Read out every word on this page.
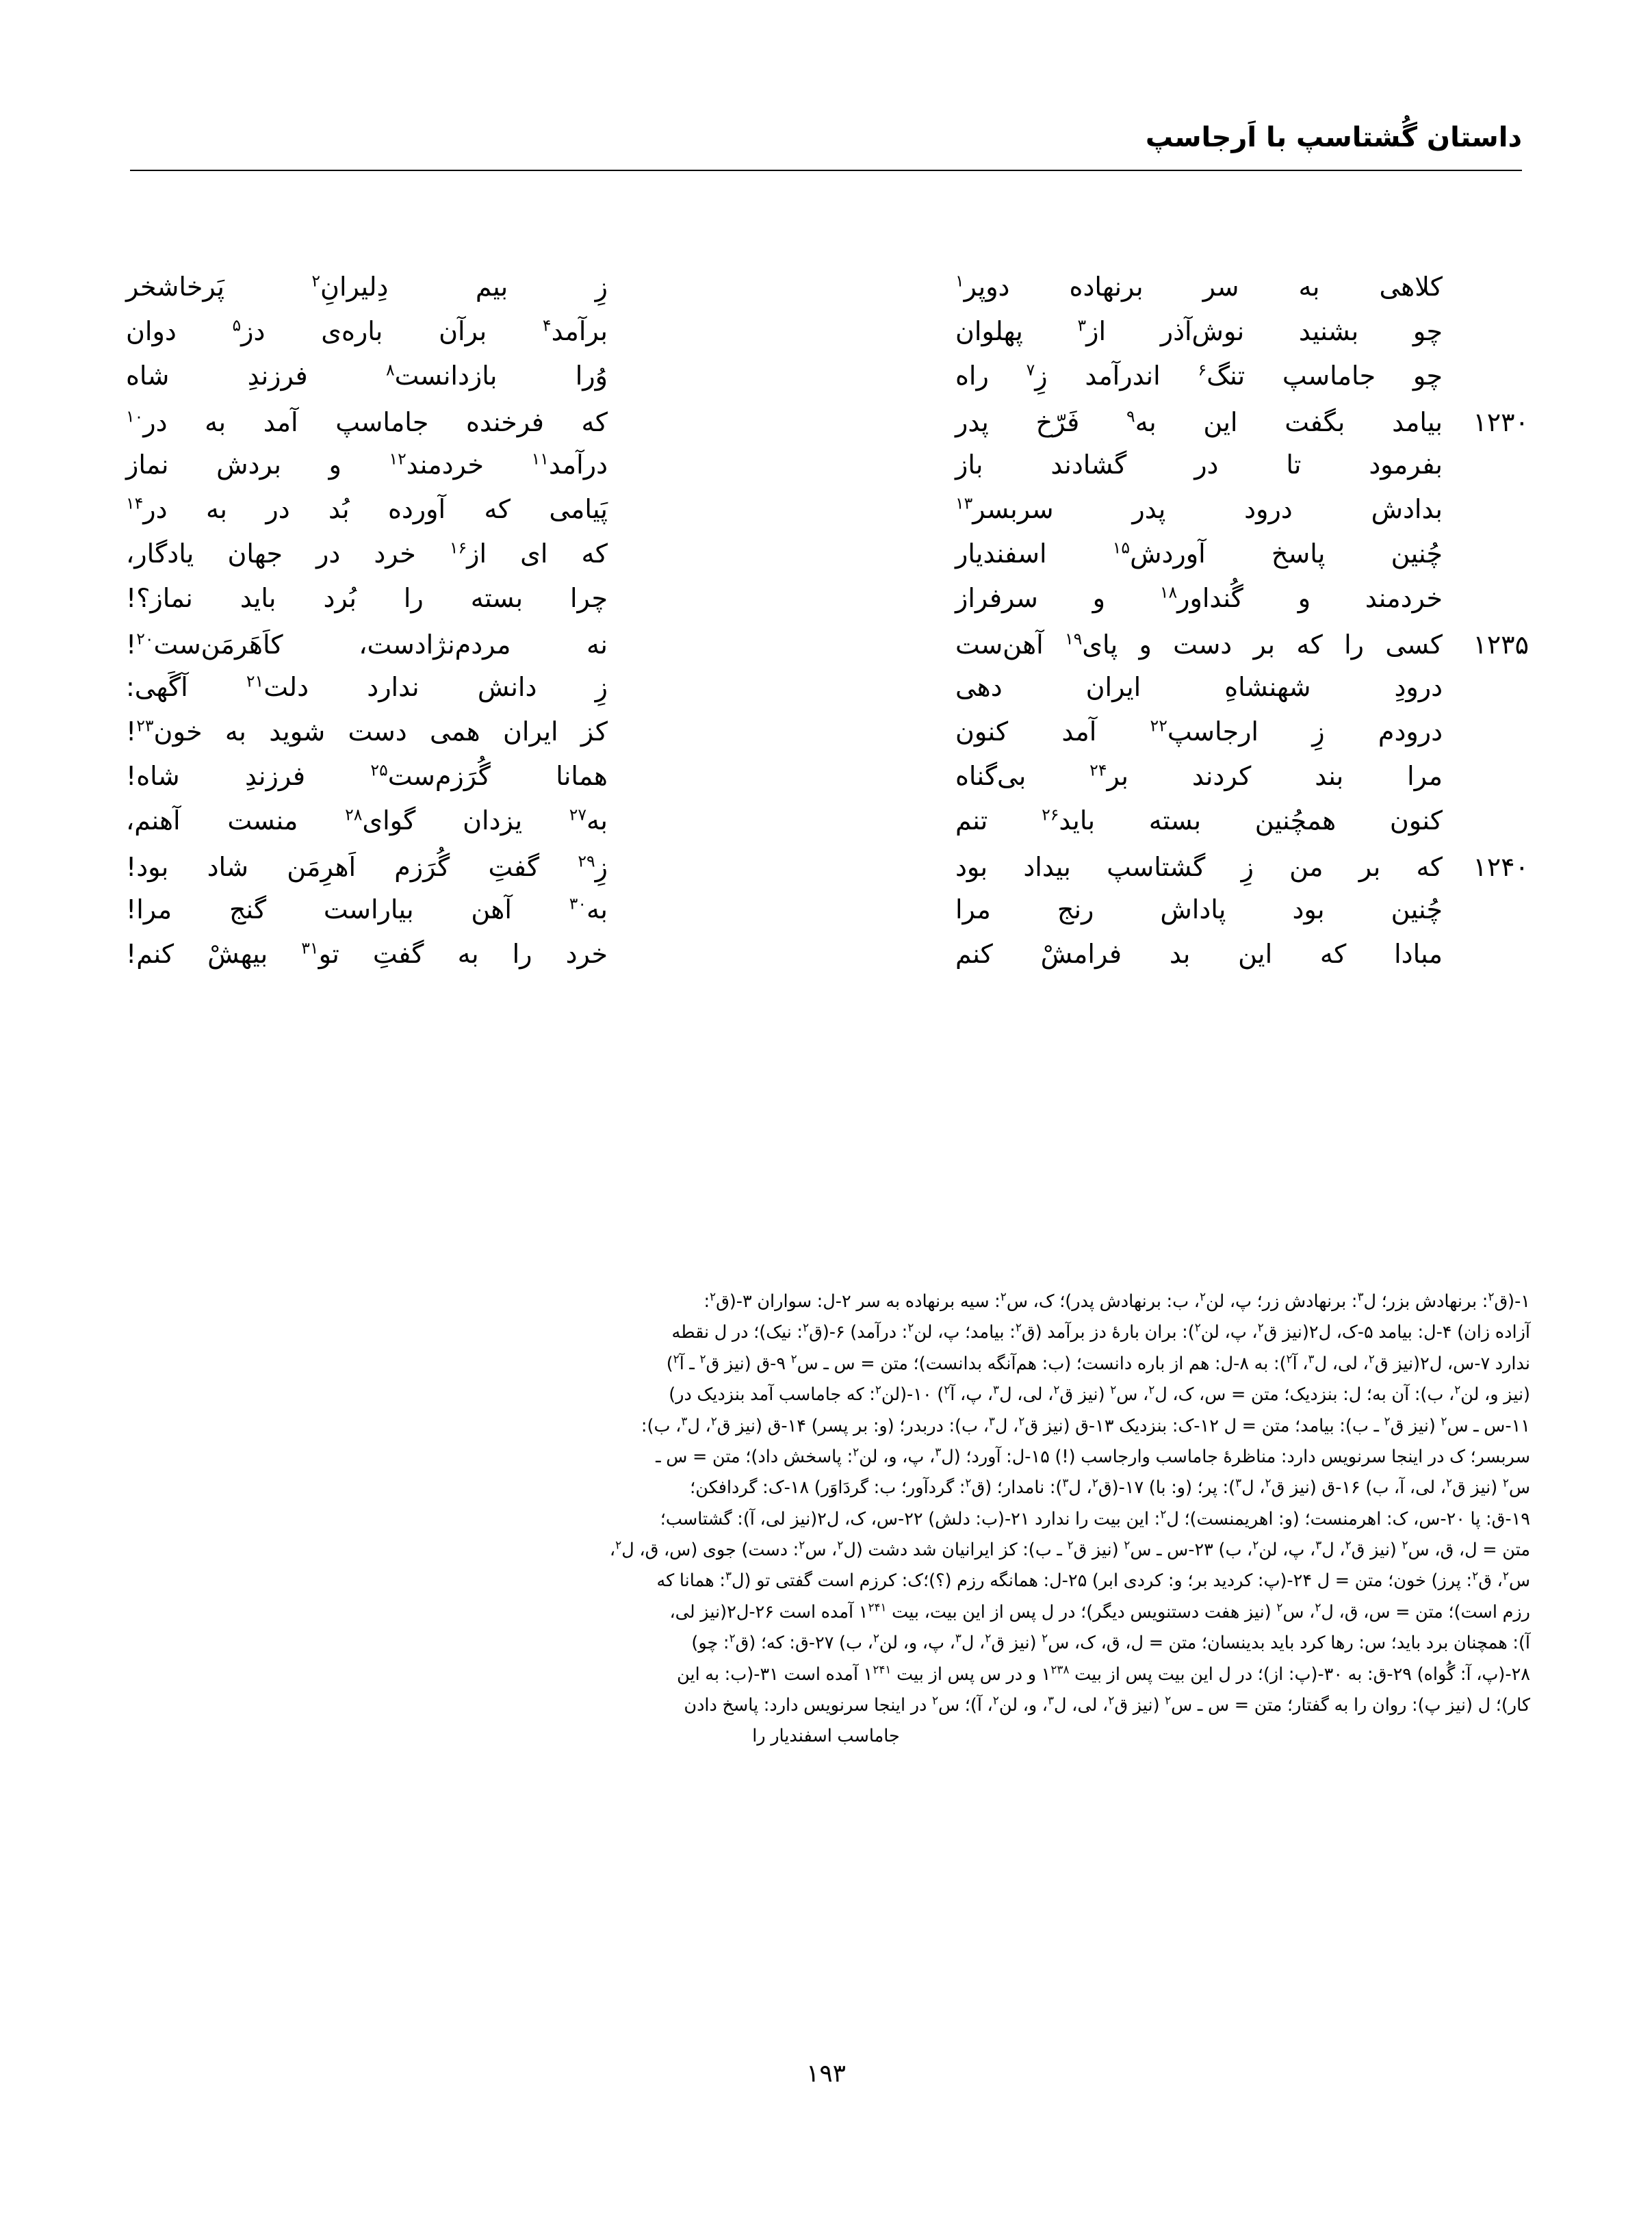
داستان گُشتاسپ با اَرجاسپ
کلاهی به سر برنهاده دوپر$^۱$
زِ بیم دِلیرانِ$^۲$ پَرخاشخر
چو بشنید نوش‌آذر از$^۳$ پهلوان
برآمد$^۴$ برآن باره‌ی دز$^۵$ دوان
چو جاماسپ تنگ$^۶$ اندرآمد زِ$^۷$ راه
وُرا بازدانست$^۸$ فرزندِ شاه
۱۲۳۰
بیامد بگفت این به$^۹$ فَرّخ پدر
که فرخنده جاماسپ آمد به در$^{۱۰}$
بفرمود تا در گشادند باز
درآمد$^{۱۱}$ خردمند$^{۱۲}$ و بردش نماز
بدادش درود پدر سربسر$^{۱۳}$
پَیامی که آورده بُد در به در$^{۱۴}$
چُنین پاسخ آوردش$^{۱۵}$ اسفندیار
که ای از$^{۱۶}$ خرد در جهان یادگار،
خردمند و گُنداور$^{۱۸}$ و سرفراز
چرا بسته را بُرد باید نماز؟!
۱۲۳۵
کسی را که بر دست و پای$^{۱۹}$ آهن‌ست
نه مردم‌نژادست، کاَهَرمَن‌ست$^{۲۰}$!
درودِ شهنشاهِ ایران دهی
زِ دانش ندارد دلت$^{۲۱}$ آگَهی:
درودم زِ ارجاسپ$^{۲۲}$ آمد کنون
کز ایران همی دست شوید به خون$^{۲۳}$!
مرا بند کردند بر$^{۲۴}$ بی‌گناه
همانا گُرَزم‌ست$^{۲۵}$ فرزندِ شاه!
کنون همچُنین بسته باید$^{۲۶}$ تنم
به$^{۲۷}$ یزدان گوای$^{۲۸}$ منست آهنم،
۱۲۴۰
که بر من زِ گشتاسپ بیداد بود
زِ$^{۲۹}$ گفتِ گُرَزم اَهرِمَن شاد بود!
چُنین بود پاداش رنج مرا
به$^{۳۰}$ آهن بیاراست گنج مرا!
مبادا که این بد فرامشْ کنم
خرد را به گفتِ تو$^{۳۱}$ بیهشْ کنم!

۱-(ق$^۲$: برنهادش بزر؛ ل$^۳$: برنهادش زر؛ پ، لن$^۲$، ب: برنهادش پدر)؛ ک، س$^۲$: سیه برنهاده به سر ۲-ل: سواران ۳-(ق$^۲$:

آزاده زان) ۴-ل: بیامد ۵-ک، ل۲(نیز ق$^۲$، پ، لن$^۲$): بران بارهٔ دز برآمد (ق$^۲$: بیامد؛ پ، لن$^۲$: درآمد) ۶-(ق$^۲$: نیک)؛ در ل نقطه

ندارد ۷-س، ل۲(نیز ق$^۲$، لی، ل$^۳$، آ$^۲$): به ۸-ل: هم از باره دانست؛ (ب: هم‌آنگه بدانست)؛ متن = س ـ س$^۲$ ۹-ق (نیز ق$^۲$ ـ آ$^۲$)

(نیز و، لن$^۲$، ب): آن به؛ ل: بنزدیک؛ متن = س، ک، ل$^۲$، س$^۲$ (نیز ق$^۲$، لی، ل$^۳$، پ، آ$^۲$) ۱۰-(لن$^۲$: که جاماسب آمد بنزدیک در)

۱۱-س ـ س$^۲$ (نیز ق$^۲$ ـ ب): بیامد؛ متن = ل ۱۲-ک: بنزدیک ۱۳-ق (نیز ق$^۲$، ل$^۳$، ب): دربدر؛ (و: بر پسر) ۱۴-ق (نیز ق$^۲$، ل$^۳$، ب):

سربسر؛ ک در اینجا سرنویس دارد: مناظرهٔ جاماسب وارجاسب (!) ۱۵-ل: آورد؛ (ل$^۳$، پ، و، لن$^۲$: پاسخش داد)؛ متن = س ـ

س$^۲$ (نیز ق$^۲$، لی، آ، ب) ۱۶-ق (نیز ق$^۲$، ل$^۳$): پر؛ (و: با) ۱۷-(ق$^۲$، ل$^۳$): نامدار؛ (ق$^۲$: گردآور؛ ب: گردَاوَر) ۱۸-ک: گردافکن؛

۱۹-ق: پا ۲۰-س، ک: اهرمنست؛ (و: اهریمنست)؛ ل$^۲$: این بیت را ندارد ۲۱-(ب: دلش) ۲۲-س، ک، ل۲(نیز لی، آ): گشتاسب؛

متن = ل، ق، س$^۲$ (نیز ق$^۲$، ل$^۳$، پ، لن$^۲$، ب) ۲۳-س ـ س$^۲$ (نیز ق$^۲$ ـ ب): کز ایرانیان شد دشت (ل$^۲$، س$^۲$: دست) جوی (س، ق، ل$^۲$،

س$^۲$، ق$^۲$: پرز) خون؛ متن = ل ۲۴-(پ: کردید بر؛ و: کردی ابر) ۲۵-ل: همانگه رزم (؟)؛ک: کرزم است گفتی تو (ل$^۳$: همانا که

رزم است)؛ متن = س، ق، ل$^۲$، س$^۲$ (نیز هفت دستنویس دیگر)؛ در ل پس از این بیت، بیت $۱^{۲۴۱}$ آمده است ۲۶-ل۲(نیز لی،

آ): همچنان برد باید؛ س: رها کرد باید بدینسان؛ متن = ل، ق، ک، س$^۲$ (نیز ق$^۲$، ل$^۳$، پ، و، لن$^۲$، ب) ۲۷-ق: که؛ (ق$^۲$: چو)

۲۸-(پ، آ: گُواه) ۲۹-ق: به ۳۰-(پ: از)؛ در ل این بیت پس از بیت $۱^{۲۳۸}$ و در س پس از بیت $۱^{۲۴۱}$ آمده است ۳۱-(ب: به این

کار)؛ ل (نیز پ): روان را به گفتار؛ متن = س ـ س$^۲$ (نیز ق$^۲$، لی، ل$^۳$، و، لن$^۲$، آ)؛ س$^۲$ در اینجا سرنویس دارد: پاسخ دادن

جاماسب اسفندیار را

۱۹۳
